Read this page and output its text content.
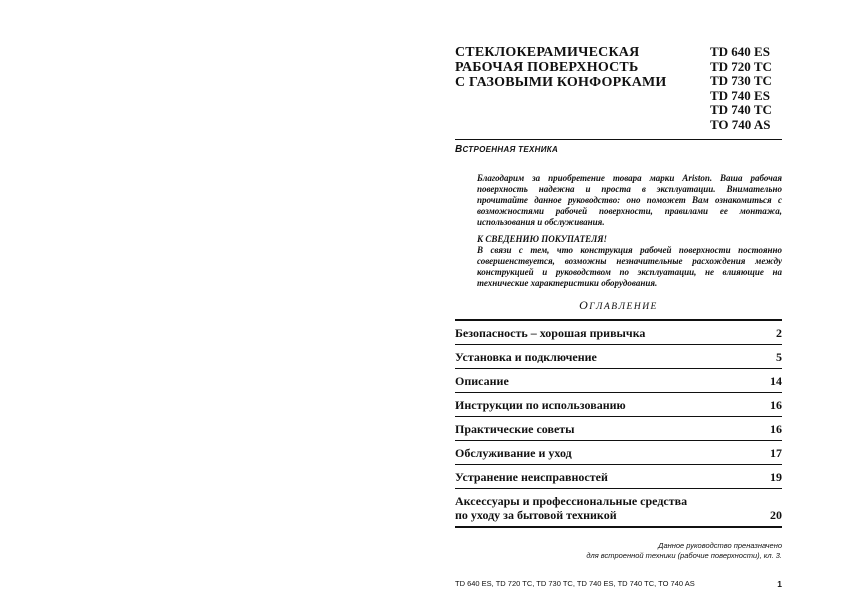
СТЕКЛОКЕРАМИЧЕСКАЯ
РАБОЧАЯ ПОВЕРХНОСТЬ
С ГАЗОВЫМИ КОНФОРКАМИ
TD 640 ES
TD 720 TC
TD 730 TC
TD 740 ES
TD 740 TC
TO 740 AS
ВСТРОЕННАЯ ТЕХНИКА

Благодарим за приобретение товара марки Ariston. Ваша рабочая поверхность надежна и проста в эксплуатации. Внимательно прочитайте данное руководство: оно поможет Вам ознакомиться с возможностями рабочей поверхности, правилами ее монтажа, использования и обслуживания.

К СВЕДЕНИЮ ПОКУПАТЕЛЯ!

В связи с тем, что конструкция рабочей поверхности постоянно совершенствуется, возможны незначительные расхождения между конструкцией и руководством по эксплуатации, не влияющие на технические характеристики оборудования.

ОГЛАВЛЕНИЕ
Безопасность – хорошая привычка	2
Установка и подключение	5
Описание	14
Инструкции по использованию	16
Практические советы	16
Обслуживание и уход	17
Устранение неисправностей	19
Аксессуары и профессиональные средства
по уходу за бытовой техникой	20
Данное руководство преназначено
для встроенной техники (рабочие поверхности), кл. 3.
TD 640 ES, TD 720 TC, TD 730 TC, TD 740 ES, TD 740 TC, TO 740 AS	1
